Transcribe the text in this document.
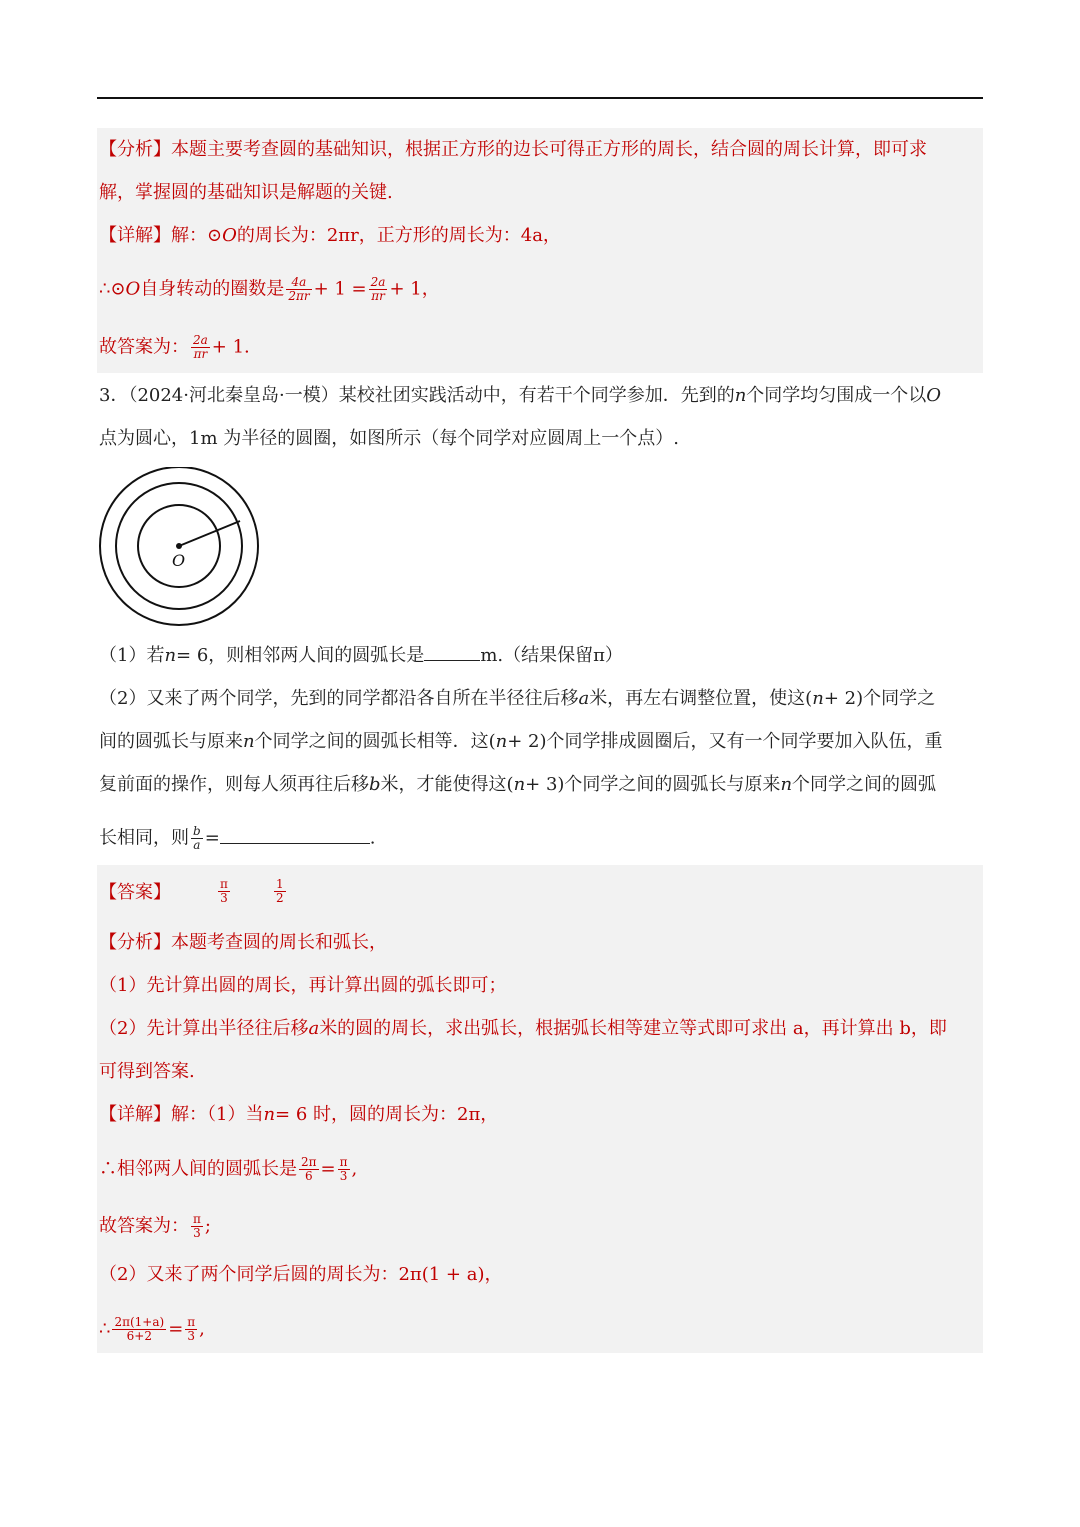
【分析】本题主要考查圆的基础知识，根据正方形的边长可得正方形的周长，结合圆的周长计算，即可求
解，掌握圆的基础知识是解题的关键.
【详解】解：⊙O的周长为：2πr，正方形的周长为：4a，
∴⊙O自身转动的圈数是 $\frac{4a}{2\pi r} + 1 = \frac{2a}{\pi r} + 1$，
故答案为： $\frac{2a}{\pi r} + 1$.
3．（2024·河北秦皇岛·一模）某校社团实践活动中，有若干个同学参加．先到的n个同学均匀围成一个以O
点为圆心，1m 为半径的圆圈，如图所示（每个同学对应圆周上一个点）.
O
（1）若n= 6，则相邻两人间的圆弧长是	m.（结果保留π）
（2）又来了两个同学，先到的同学都沿各自所在半径往后移a米，再左右调整位置，使这(n+ 2)个同学之
间的圆弧长与原来n个同学之间的圆弧长相等．这(n+ 2)个同学排成圆圈后，又有一个同学要加入队伍，重
复前面的操作，则每人须再往后移b米，才能使得这(n+ 3)个同学之间的圆弧长与原来n个同学之间的圆弧
长相同，则 $\frac{b}{a}$ =	.
【答案】	π
3
1
2
【分析】本题考查圆的周长和弧长，
（1）先计算出圆的周长，再计算出圆的弧长即可；
（2）先计算出半径往后移a米的圆的周长，求出弧长，根据弧长相等建立等式即可求出 a，再计算出 b，即
可得到答案.
【详解】解：（1）当n= 6 时，圆的周长为：2π，
∴相邻两人间的圆弧长是 $\frac{2\pi}{6} = \frac{\pi}{3}$ ,
故答案为： $\frac{\pi}{3}$ ;
（2）又来了两个同学后圆的周长为：2π(1 + a)，
∴ $\frac{2\pi(1+a)}{6+2} = \frac{\pi}{3}$ ,
